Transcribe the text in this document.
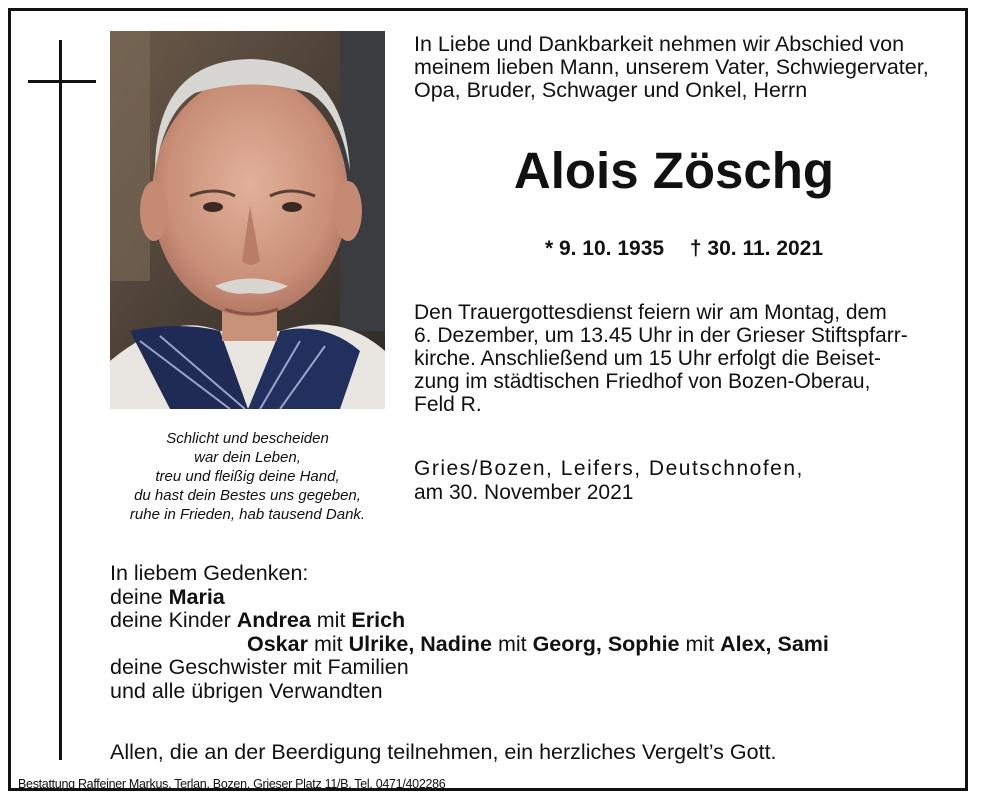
Schlicht und bescheiden
war dein Leben,
treu und fleißig deine Hand,
du hast dein Bestes uns gegeben,
ruhe in Frieden, hab tausend Dank.
In Liebe und Dankbarkeit nehmen wir Abschied von
meinem lieben Mann, unserem Vater, Schwiegervater,
Opa, Bruder, Schwager und Onkel, Herrn
Alois Zöschg
* 9. 10. 1935 † 30. 11. 2021
Den Trauergottesdienst feiern wir am Montag, dem
6. Dezember, um 13.45 Uhr in der Grieser Stiftspfarr-
kirche. Anschließend um 15 Uhr erfolgt die Beiset-
zung im städtischen Friedhof von Bozen-Oberau,
Feld R.
Gries/Bozen, Leifers, Deutschnofen,
am 30. November 2021
In liebem Gedenken:
deine Maria
deine Kinder Andrea mit Erich
Oskar mit Ulrike, Nadine mit Georg, Sophie mit Alex, Sami
deine Geschwister mit Familien
und alle übrigen Verwandten
Allen, die an der Beerdigung teilnehmen, ein herzliches Vergelt’s Gott.
Bestattung Raffeiner Markus, Terlan, Bozen, Grieser Platz 11/B, Tel. 0471/402286
